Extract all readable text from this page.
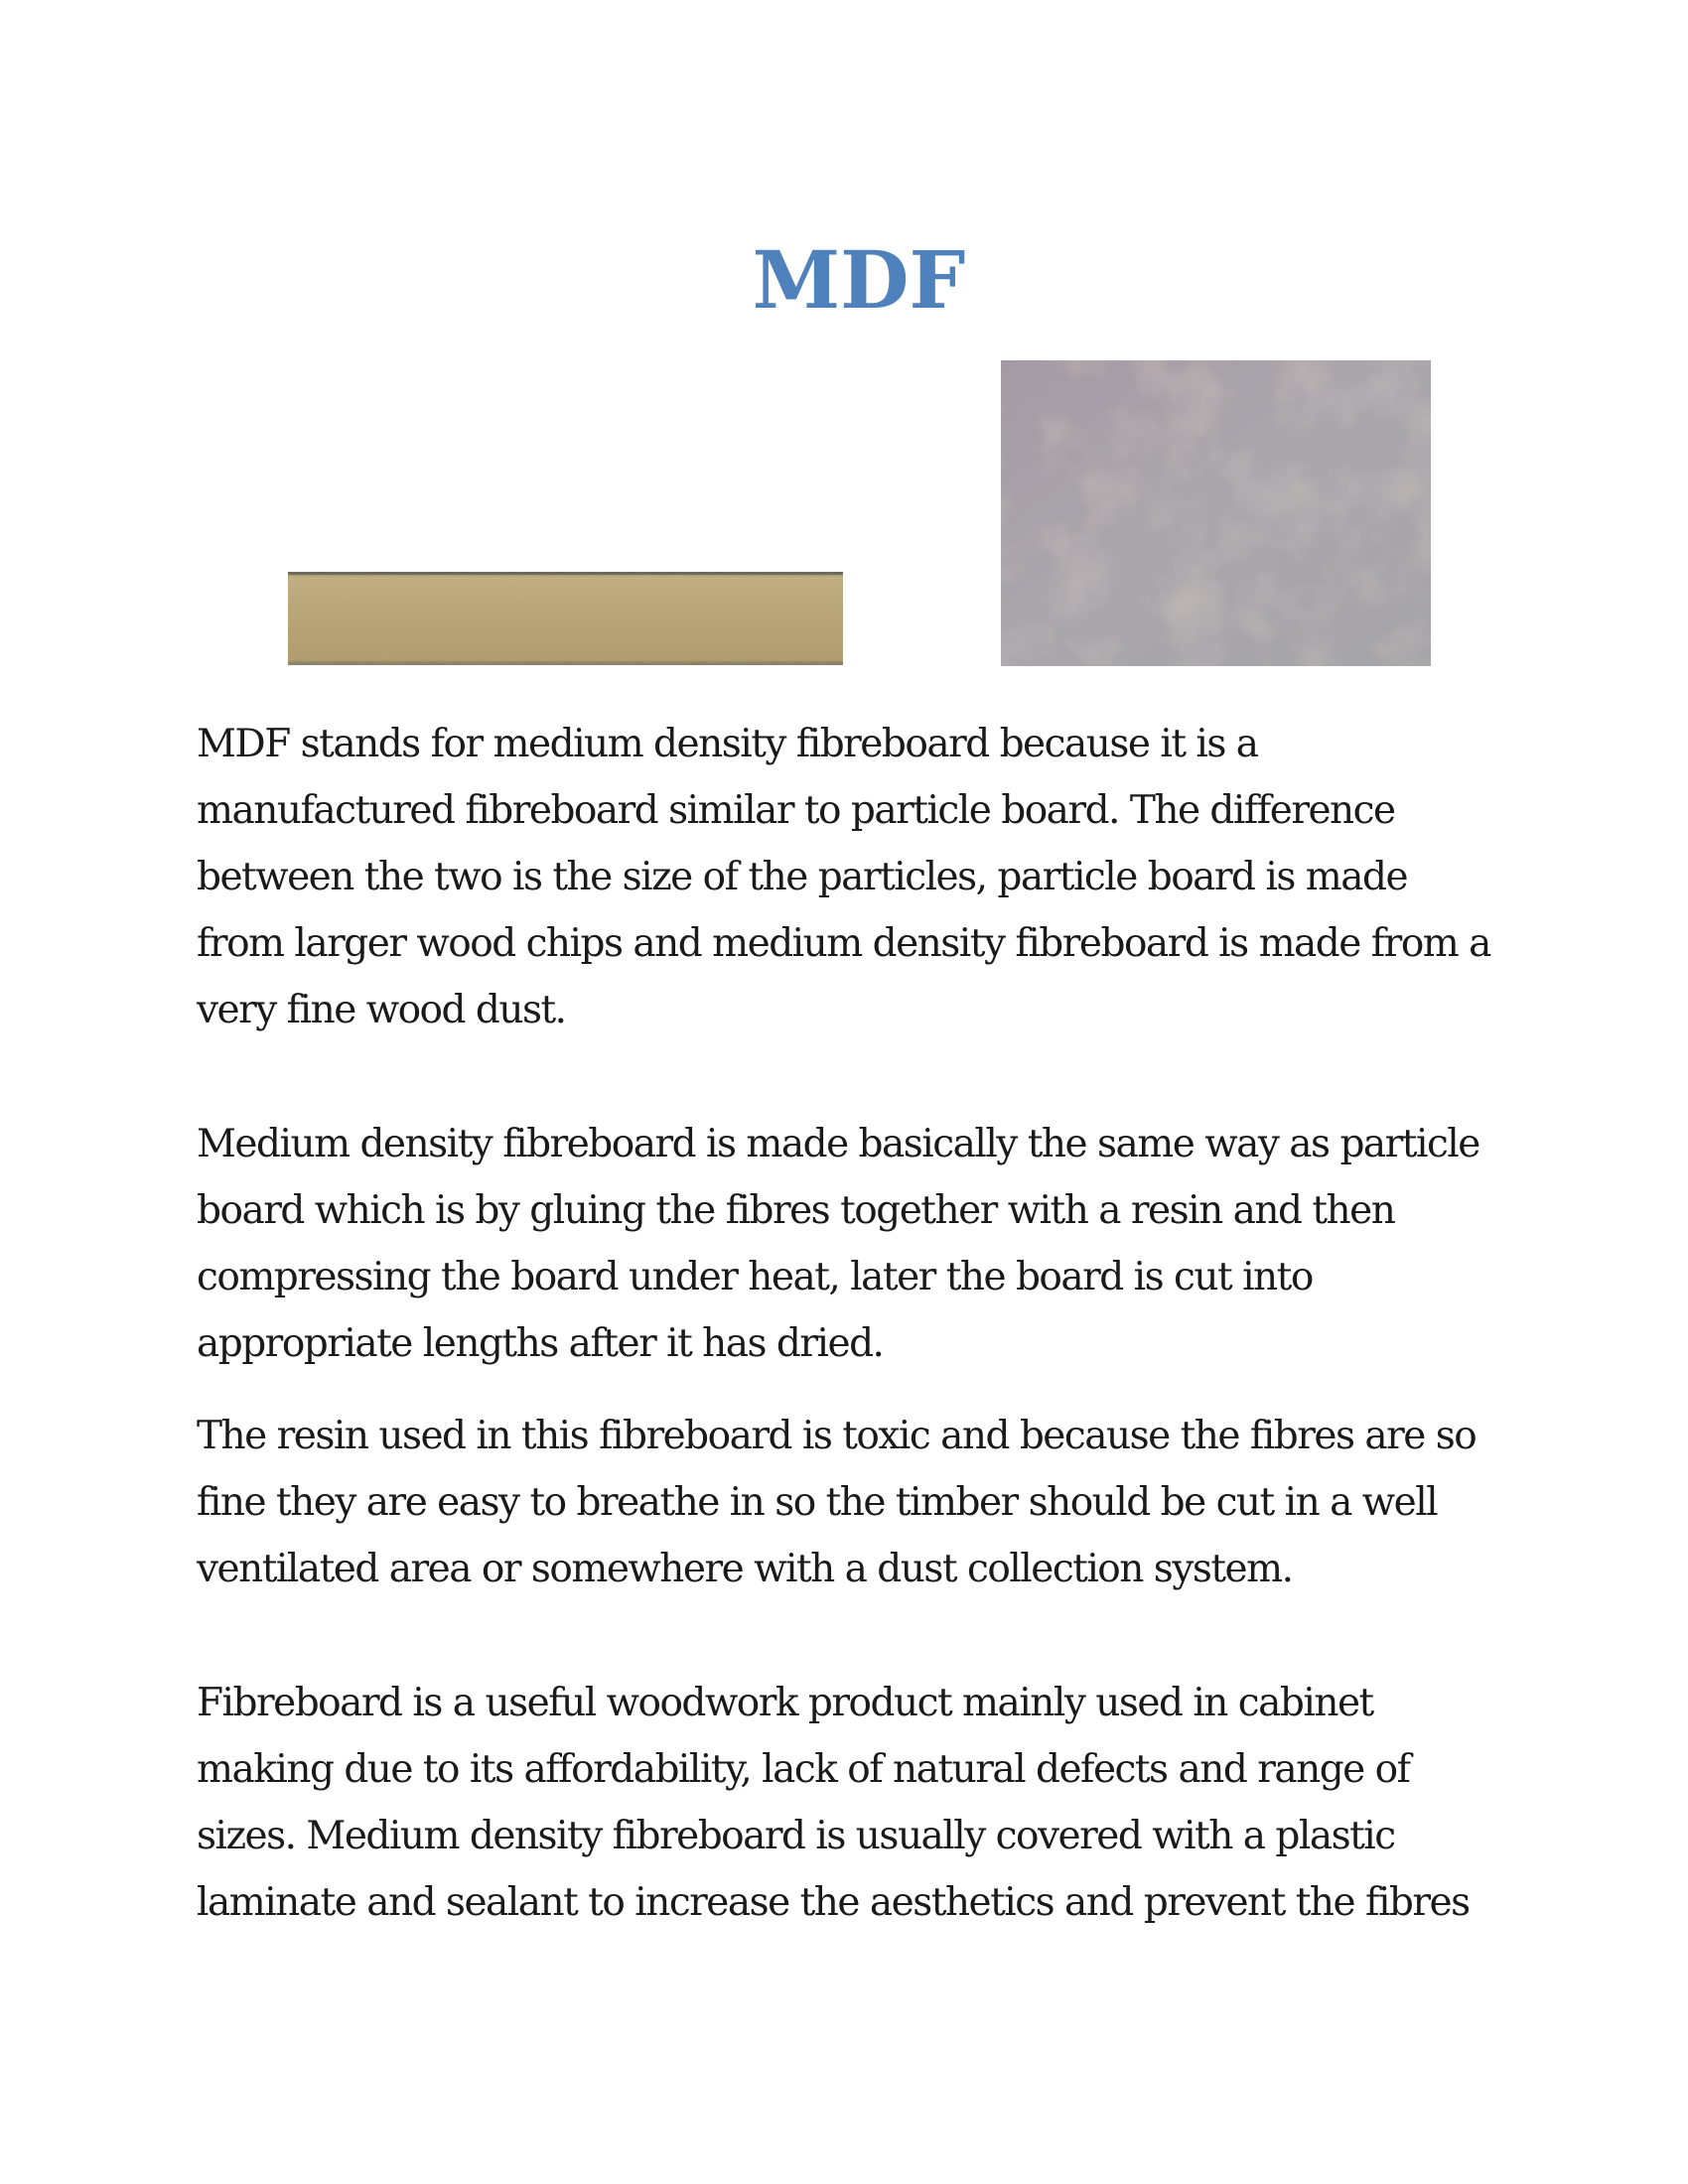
MDF

MDF stands for medium density fibreboard because it is a
manufactured fibreboard similar to particle board. The difference
between the two is the size of the particles, particle board is made
from larger wood chips and medium density fibreboard is made from a
very fine wood dust.

Medium density fibreboard is made basically the same way as particle
board which is by gluing the fibres together with a resin and then
compressing the board under heat, later the board is cut into
appropriate lengths after it has dried.

The resin used in this fibreboard is toxic and because the fibres are so
fine they are easy to breathe in so the timber should be cut in a well
ventilated area or somewhere with a dust collection system.

Fibreboard is a useful woodwork product mainly used in cabinet
making due to its affordability, lack of natural defects and range of
sizes. Medium density fibreboard is usually covered with a plastic
laminate and sealant to increase the aesthetics and prevent the fibres
